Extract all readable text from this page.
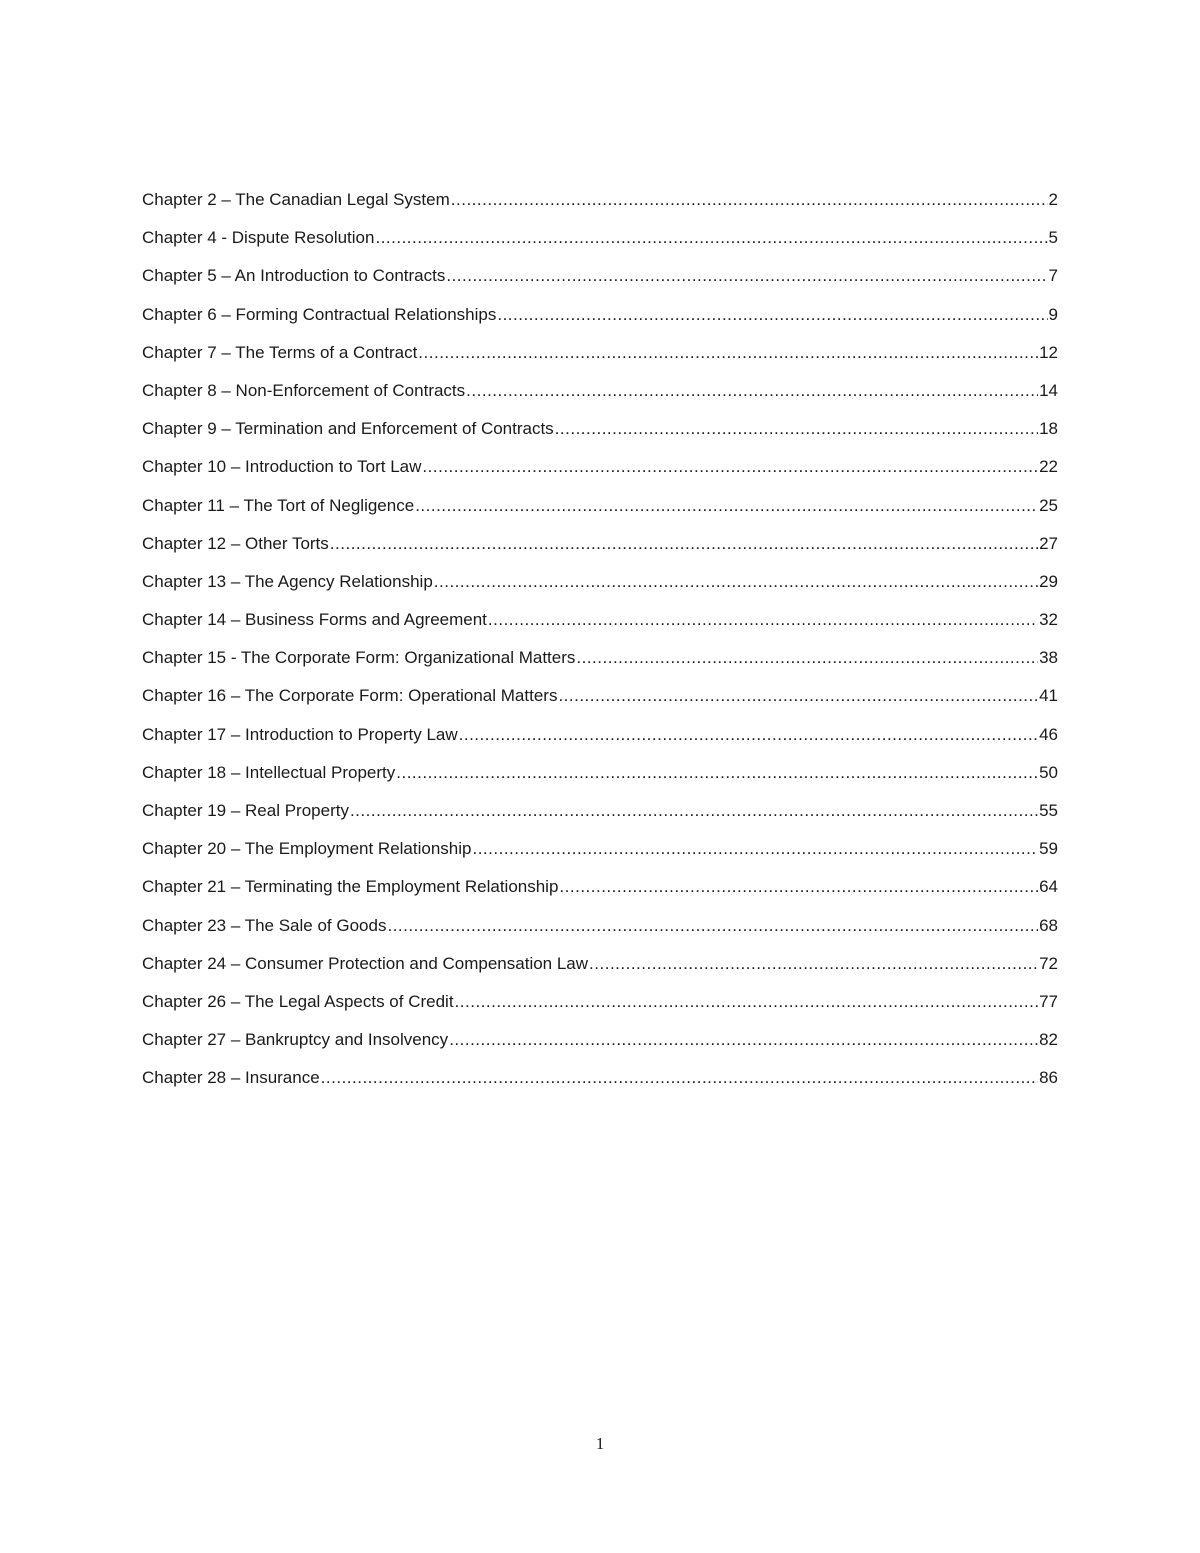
Chapter 2 – The Canadian Legal System .....	2
Chapter 4 - Dispute Resolution .....	5
Chapter 5 – An Introduction to Contracts .....	7
Chapter 6 – Forming Contractual Relationships .....	9
Chapter 7 – The Terms of a Contract .....	12
Chapter 8 – Non-Enforcement of Contracts .....	14
Chapter 9 – Termination and Enforcement of Contracts .....	18
Chapter 10 – Introduction to Tort Law .....	22
Chapter 11 – The Tort of Negligence .....	25
Chapter 12 – Other Torts .....	27
Chapter 13 – The Agency Relationship .....	29
Chapter 14 – Business Forms and Agreement .....	32
Chapter 15 - The Corporate Form: Organizational Matters .....	38
Chapter 16 – The Corporate Form: Operational Matters .....	41
Chapter 17 – Introduction to Property Law .....	46
Chapter 18 – Intellectual Property .....	50
Chapter 19 – Real Property .....	55
Chapter 20 – The Employment Relationship .....	59
Chapter 21 – Terminating the Employment Relationship .....	64
Chapter 23 – The Sale of Goods .....	68
Chapter 24 – Consumer Protection and Compensation Law .....	72
Chapter 26 – The Legal Aspects of Credit .....	77
Chapter 27 – Bankruptcy and Insolvency .....	82
Chapter 28 – Insurance .....	86
1
